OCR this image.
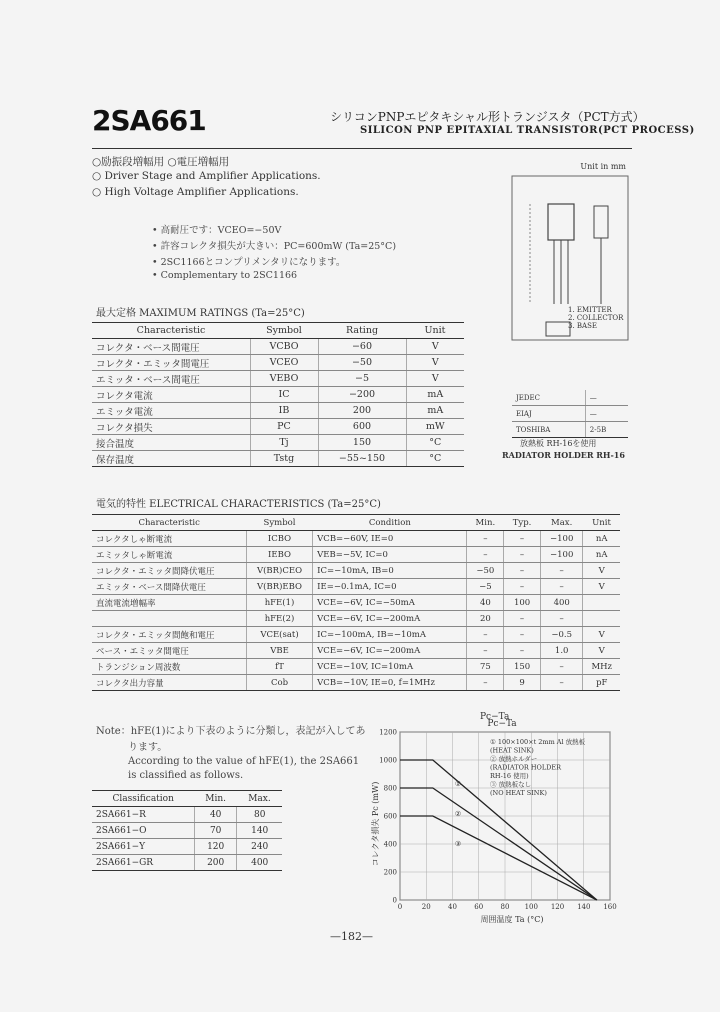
2SA661	シリコンPNPエピタキシャル形トランジスタ（PCT方式）
SILICON PNP EPITAXIAL TRANSISTOR(PCT PROCESS)
○励振段増幅用 ○電圧増幅用
○ Driver Stage and Amplifier Applications.
○ High Voltage Amplifier Applications.
• 高耐圧です：VCEO=−50V
• 許容コレクタ損失が大きい：PC=600mW (Ta=25°C)
• 2SC1166とコンプリメンタリになります。
• Complementary to 2SC1166
Unit in mm
1. EMITTER
2. COLLECTOR
3. BASE
JEDEC	—
EIAJ	—
TOSHIBA	2-5B
放熱板 RH-16を使用
RADIATOR HOLDER RH-16
最大定格 MAXIMUM RATINGS (Ta=25°C)
Characteristic	Symbol	Rating	Unit
コレクタ・ベース間電圧	VCBO	−60	V
コレクタ・エミッタ間電圧	VCEO	−50	V
エミッタ・ベース間電圧	VEBO	−5	V
コレクタ電流	IC	−200	mA
エミッタ電流	IB	200	mA
コレクタ損失	PC	600	mW
接合温度	Tj	150	°C
保存温度	Tstg	−55~150	°C
電気的特性 ELECTRICAL CHARACTERISTICS (Ta=25°C)
Characteristic	Symbol	Condition	Min.	Typ.	Max.	Unit
コレクタしゃ断電流	ICBO	VCB=−60V, IE=0	–	–	−100	nA
エミッタしゃ断電流	IEBO	VEB=−5V, IC=0	–	–	−100	nA
コレクタ・エミッタ間降伏電圧	V(BR)CEO	IC=−10mA, IB=0	−50	–	–	V
エミッタ・ベース間降伏電圧	V(BR)EBO	IE=−0.1mA, IC=0	−5	–	–	V
直流電流増幅率	hFE(1)	VCE=−6V, IC=−50mA	40	100	400	
	hFE(2)	VCE=−6V, IC=−200mA	20	–	–	
コレクタ・エミッタ間飽和電圧	VCE(sat)	IC=−100mA, IB=−10mA	–	–	−0.5	V
ベース・エミッタ間電圧	VBE	VCE=−6V, IC=−200mA	–	–	1.0	V
トランジション周波数	fT	VCE=−10V, IC=10mA	75	150	–	MHz
コレクタ出力容量	Cob	VCB=−10V, IE=0, f=1MHz	–	9	–	pF
Note：hFE(1)により下表のように分類し，表記が入してあ
ります。
According to the value of hFE(1), the 2SA661
is classified as follows.
Classification	Min.	Max.
2SA661−R	40	80
2SA661−O	70	140
2SA661−Y	120	240
2SA661−GR	200	400
Pc−Ta
0	20 40 60 80 100 120 140 160
0
200
400
600
800
1000
1200
①
②
③
① 100×100×t 2mm Al 放熱板
(HEAT SINK)
② 放熱ホルダー
(RADIATOR HOLDER
RH-16 使用)
③ 放熱板なし
(NO HEAT SINK)
周囲温度 Ta (°C)
コレクタ損失 Pc (mW)
Pc−Ta
—182—
